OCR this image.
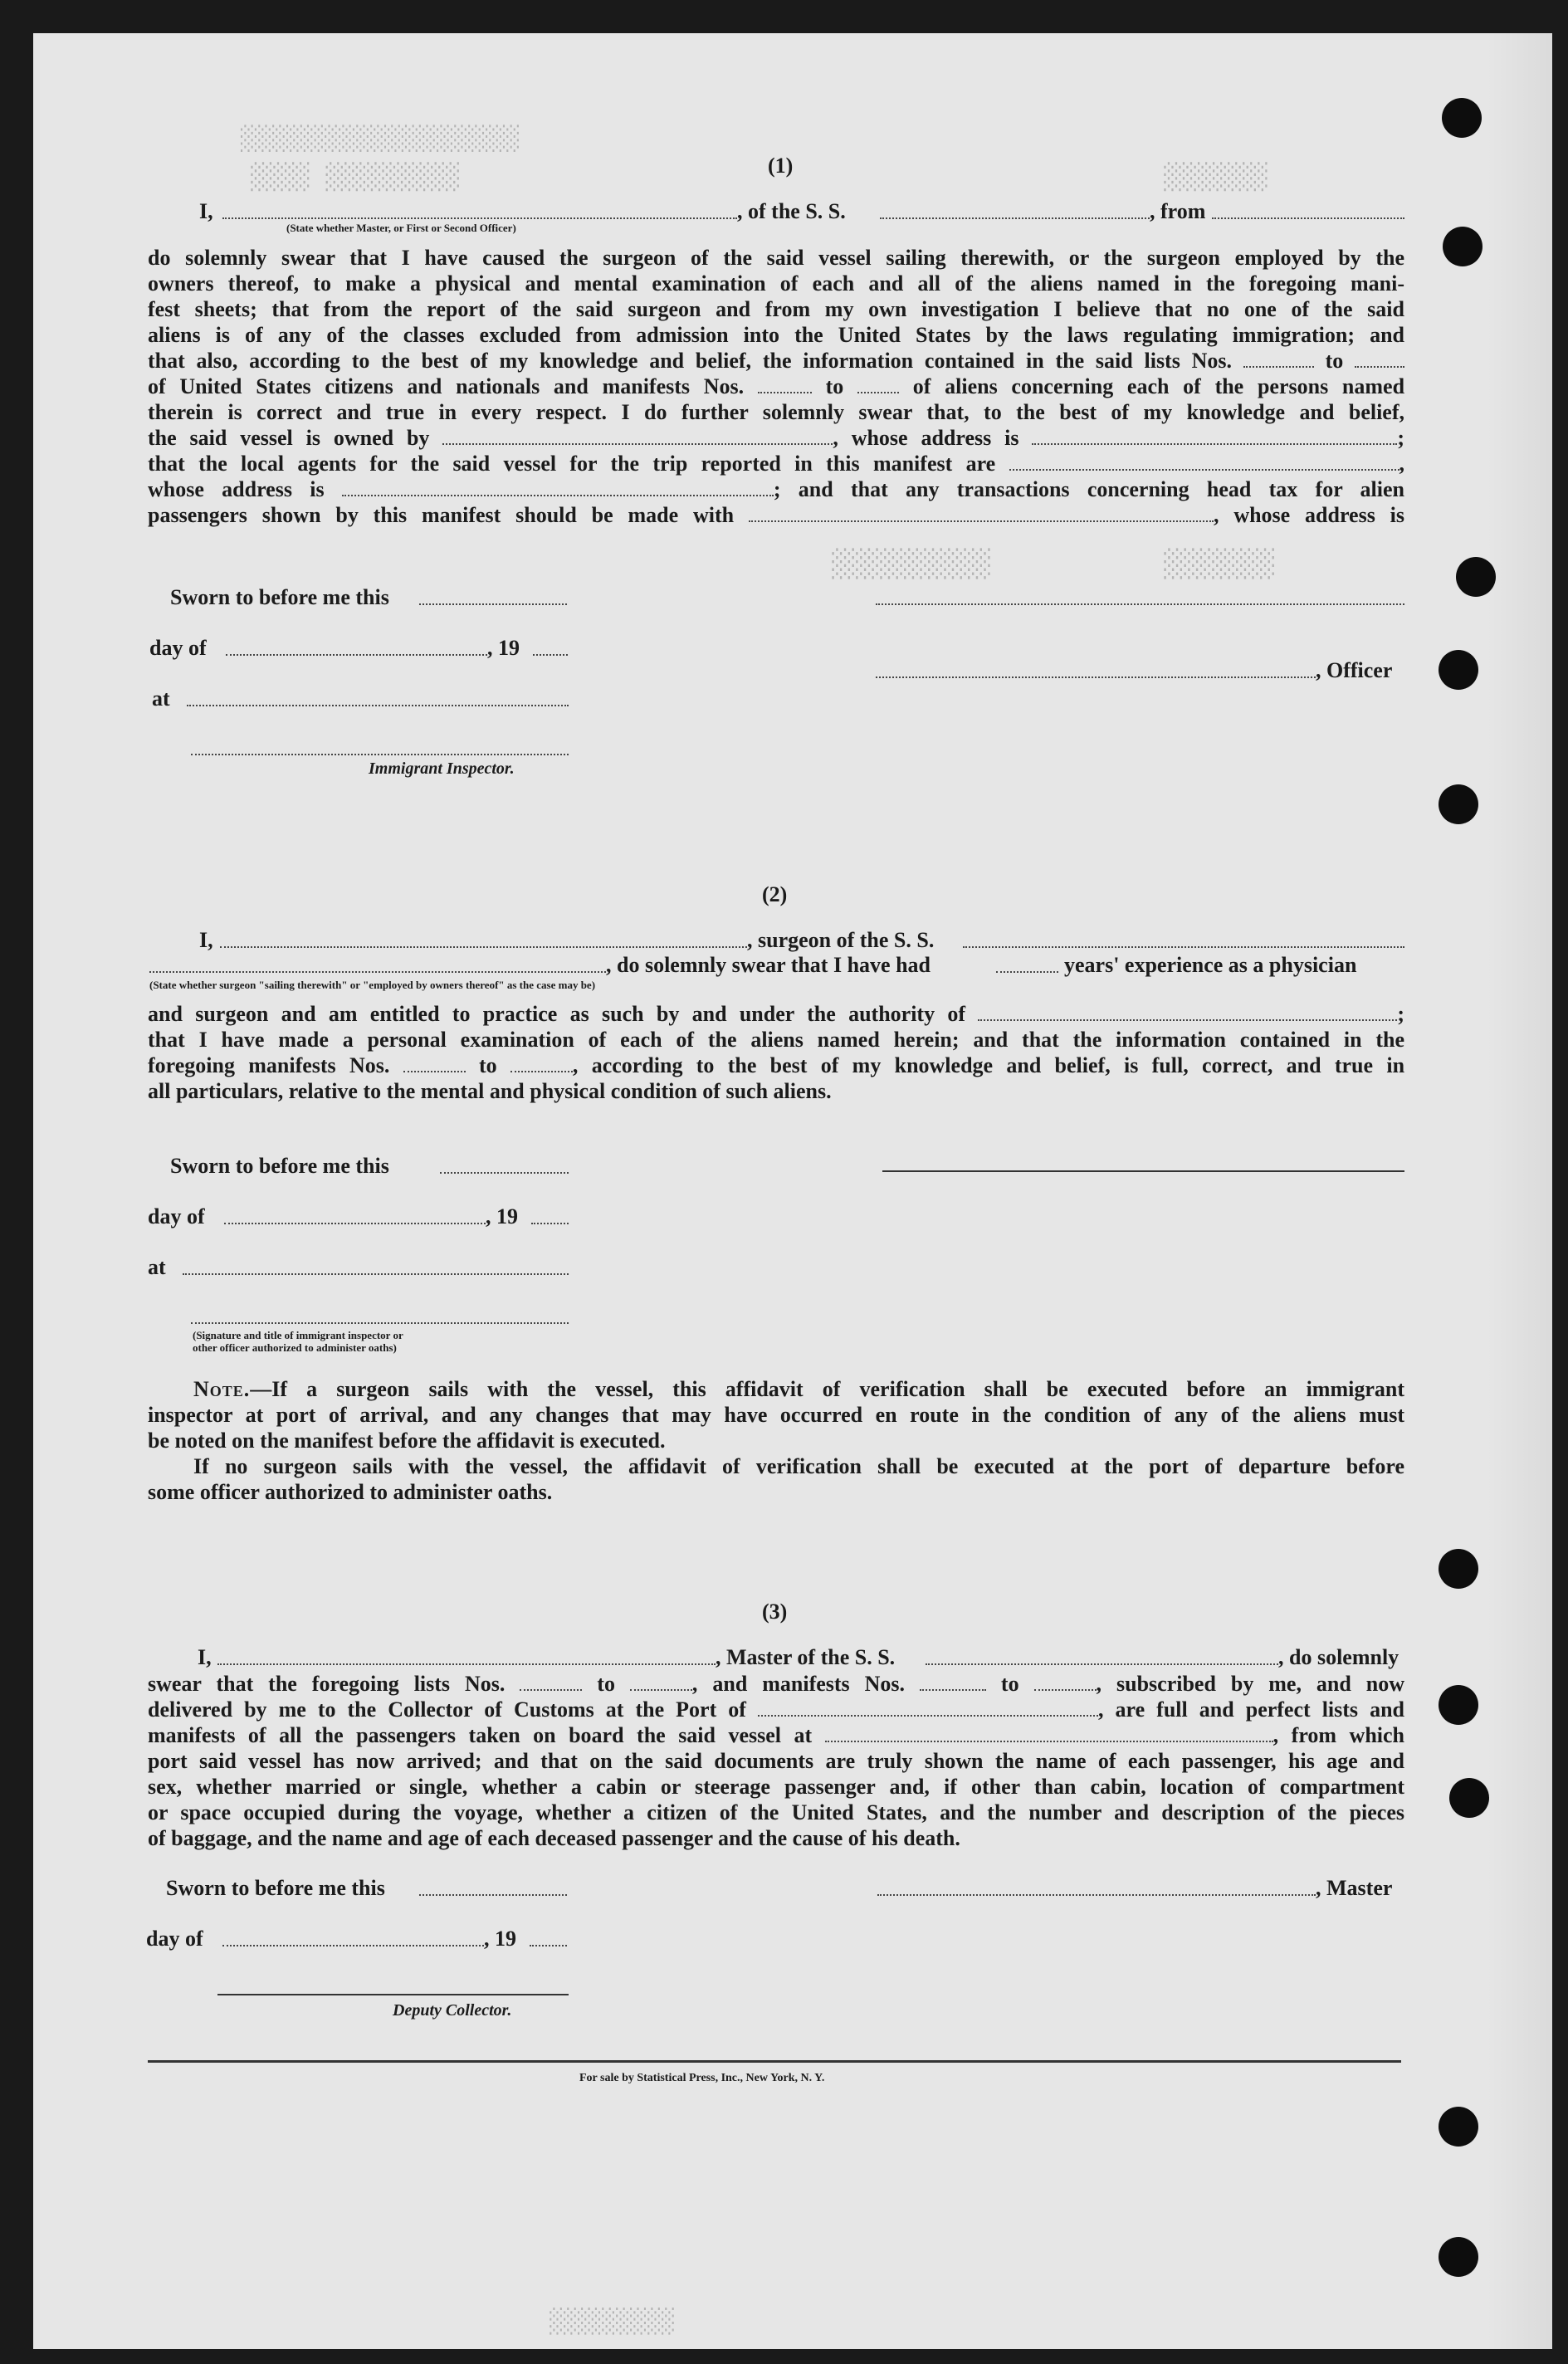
░░░░░░░░░░░░░░░░░░░░
░░░░░░░░░ ░░░░	░░░░░░░
░░░░░░░░░░	░░░░░░░
░░░░░░░░░
(1)
I,	, of the S. S.	, from
(State whether Master, or First or Second Officer)

do solemnly swear that I have caused the surgeon of the said vessel sailing therewith, or the surgeon employed by the

owners thereof, to make a physical and mental examination of each and all of the aliens named in the foregoing mani-

fest sheets; that from the report of the said surgeon and from my own investigation I believe that no one of the said

aliens is of any of the classes excluded from admission into the United States by the laws regulating immigration; and

that also, according to the best of my knowledge and belief, the information contained in the said lists Nos.	to

of United States citizens and nationals and manifests Nos.	to	of aliens concerning each of the persons named

therein is correct and true in every respect. I do further solemnly swear that, to the best of my knowledge and belief,

the said vessel is owned by	, whose address is	;

that the local agents for the said vessel for the trip reported in this manifest are	,

whose address is	; and that any transactions concerning head tax for alien

passengers shown by this manifest should be made with	, whose address is

Sworn to before me this
day of	, 19
, Officer
at
Immigrant Inspector.
(2)
I,	, surgeon of the S. S.
, do solemnly swear that I have had	years' experience as a physician
(State whether surgeon "sailing therewith" or "employed by owners thereof" as the case may be)

and surgeon and am entitled to practice as such by and under the authority of	;

that I have made a personal examination of each of the aliens named herein; and that the information contained in the

foregoing manifests Nos.	to	, according to the best of my knowledge and belief, is full, correct, and true in

all particulars, relative to the mental and physical condition of such aliens.

Sworn to before me this
day of	, 19
at
(Signature and title of immigrant inspector or
other officer authorized to administer oaths)

Note.—If a surgeon sails with the vessel, this affidavit of verification shall be executed before an immigrant

inspector at port of arrival, and any changes that may have occurred en route in the condition of any of the aliens must

be noted on the manifest before the affidavit is executed.

If no surgeon sails with the vessel, the affidavit of verification shall be executed at the port of departure before

some officer authorized to administer oaths.

(3)
I,	, Master of the S. S.	, do solemnly

swear that the foregoing lists Nos.	to	, and manifests Nos.	to	, subscribed by me, and now

delivered by me to the Collector of Customs at the Port of	, are full and perfect lists and

manifests of all the passengers taken on board the said vessel at	, from which

port said vessel has now arrived; and that on the said documents are truly shown the name of each passenger, his age and

sex, whether married or single, whether a cabin or steerage passenger and, if other than cabin, location of compartment

or space occupied during the voyage, whether a citizen of the United States, and the number and description of the pieces

of baggage, and the name and age of each deceased passenger and the cause of his death.

Sworn to before me this	, Master
day of	, 19
Deputy Collector.
For sale by Statistical Press, Inc., New York, N. Y.
